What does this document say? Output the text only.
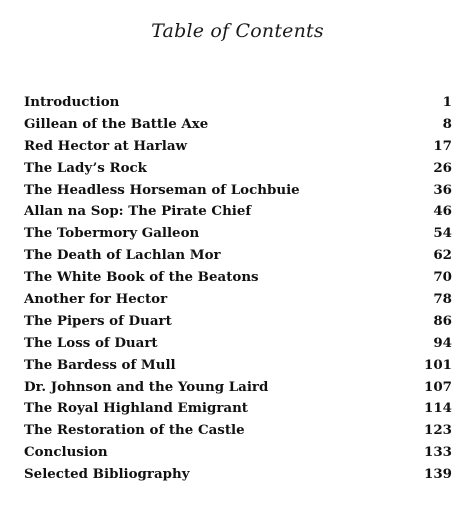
Table of Contents
Introduction	1
Gillean of the Battle Axe	8
Red Hector at Harlaw	17
The Lady’s Rock	26
The Headless Horseman of Lochbuie	36
Allan na Sop: The Pirate Chief	46
The Tobermory Galleon	54
The Death of Lachlan Mor	62
The White Book of the Beatons	70
Another for Hector	78
The Pipers of Duart	86
The Loss of Duart	94
The Bardess of Mull	101
Dr. Johnson and the Young Laird	107
The Royal Highland Emigrant	114
The Restoration of the Castle	123
Conclusion	133
Selected Bibliography	139
